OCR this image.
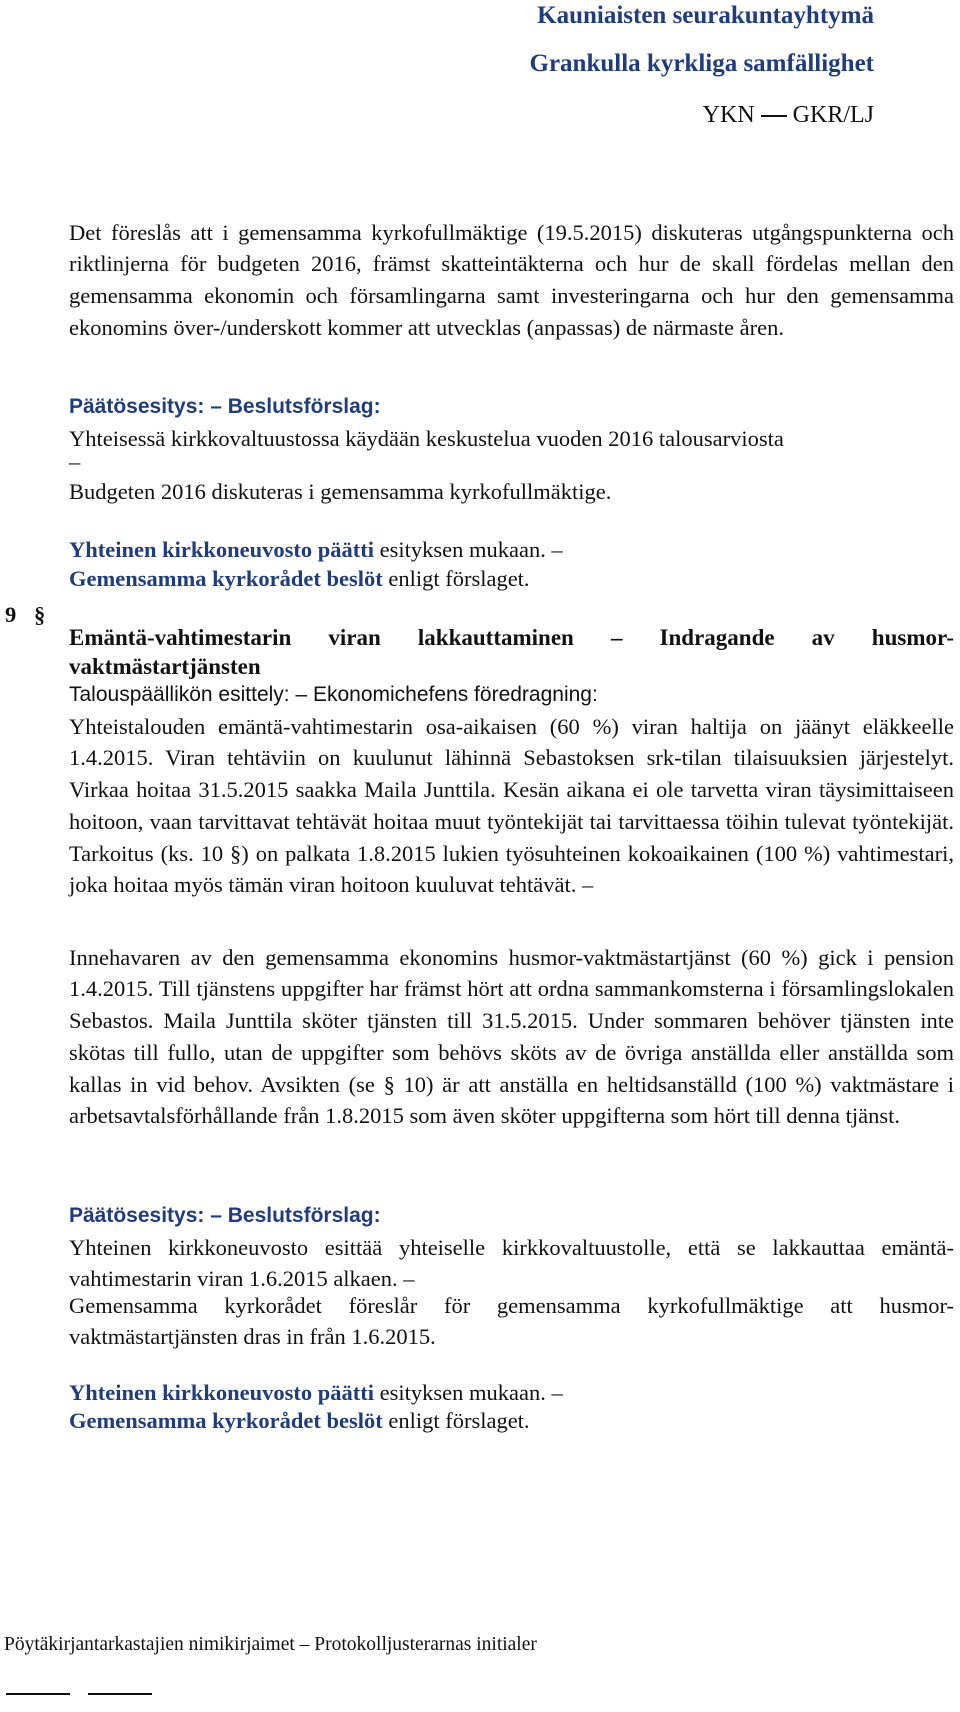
Kauniaisten seurakuntayhtymä
Grankulla kyrkliga samfällighet
YKN GKR/LJ

Det föreslås att i gemensamma kyrkofullmäktige (19.5.2015) diskuteras utgångspunkterna och riktlinjerna för budgeten 2016, främst skatteintäkterna och hur de skall fördelas mellan den gemensamma ekonomin och församlingarna samt investeringarna och hur den gemensamma ekonomins över-/underskott kommer att utvecklas (anpassas) de närmaste åren.

Päätösesitys: – Beslutsförslag:

Yhteisessä kirkkovaltuustossa käydään keskustelua vuoden 2016 talousarviosta

–

Budgeten 2016 diskuteras i gemensamma kyrkofullmäktige.

Yhteinen kirkkoneuvosto päätti esityksen mukaan. –

Gemensamma kyrkorådet beslöt enligt förslaget.

9 §

Emäntä-vahtimestarin viran lakkauttaminen – Indragande av husmor-

vaktmästartjänsten

Talouspäällikön esittely: – Ekonomichefens föredragning:

Yhteistalouden emäntä-vahtimestarin osa-aikaisen (60 %) viran haltija on jäänyt eläkkeelle 1.4.2015. Viran tehtäviin on kuulunut lähinnä Sebastoksen srk-tilan tilaisuuksien järjestelyt. Virkaa hoitaa 31.5.2015 saakka Maila Junttila. Kesän aikana ei ole tarvetta viran täysimittaiseen hoitoon, vaan tarvittavat tehtävät hoitaa muut työntekijät tai tarvittaessa töihin tulevat työntekijät. Tarkoitus (ks. 10 §) on palkata 1.8.2015 lukien työsuhteinen kokoaikainen (100 %) vahtimestari, joka hoitaa myös tämän viran hoitoon kuuluvat tehtävät. –

Innehavaren av den gemensamma ekonomins husmor-vaktmästartjänst (60 %) gick i pension 1.4.2015. Till tjänstens uppgifter har främst hört att ordna sammankomsterna i församlingslokalen Sebastos. Maila Junttila sköter tjänsten till 31.5.2015. Under sommaren behöver tjänsten inte skötas till fullo, utan de uppgifter som behövs sköts av de övriga anställda eller anställda som kallas in vid behov. Avsikten (se § 10) är att anställa en heltidsanställd (100 %) vaktmästare i arbetsavtalsförhållande från 1.8.2015 som även sköter uppgifterna som hört till denna tjänst.

Päätösesitys: – Beslutsförslag:

Yhteinen kirkkoneuvosto esittää yhteiselle kirkkovaltuustolle, että se lakkauttaa emäntä-vahtimestarin viran 1.6.2015 alkaen. –

Gemensamma kyrkorådet föreslår för gemensamma kyrkofullmäktige att husmor-vaktmästartjänsten dras in från 1.6.2015.

Yhteinen kirkkoneuvosto päätti esityksen mukaan. –

Gemensamma kyrkorådet beslöt enligt förslaget.

Pöytäkirjantarkastajien nimikirjaimet – Protokolljusterarnas initialer
